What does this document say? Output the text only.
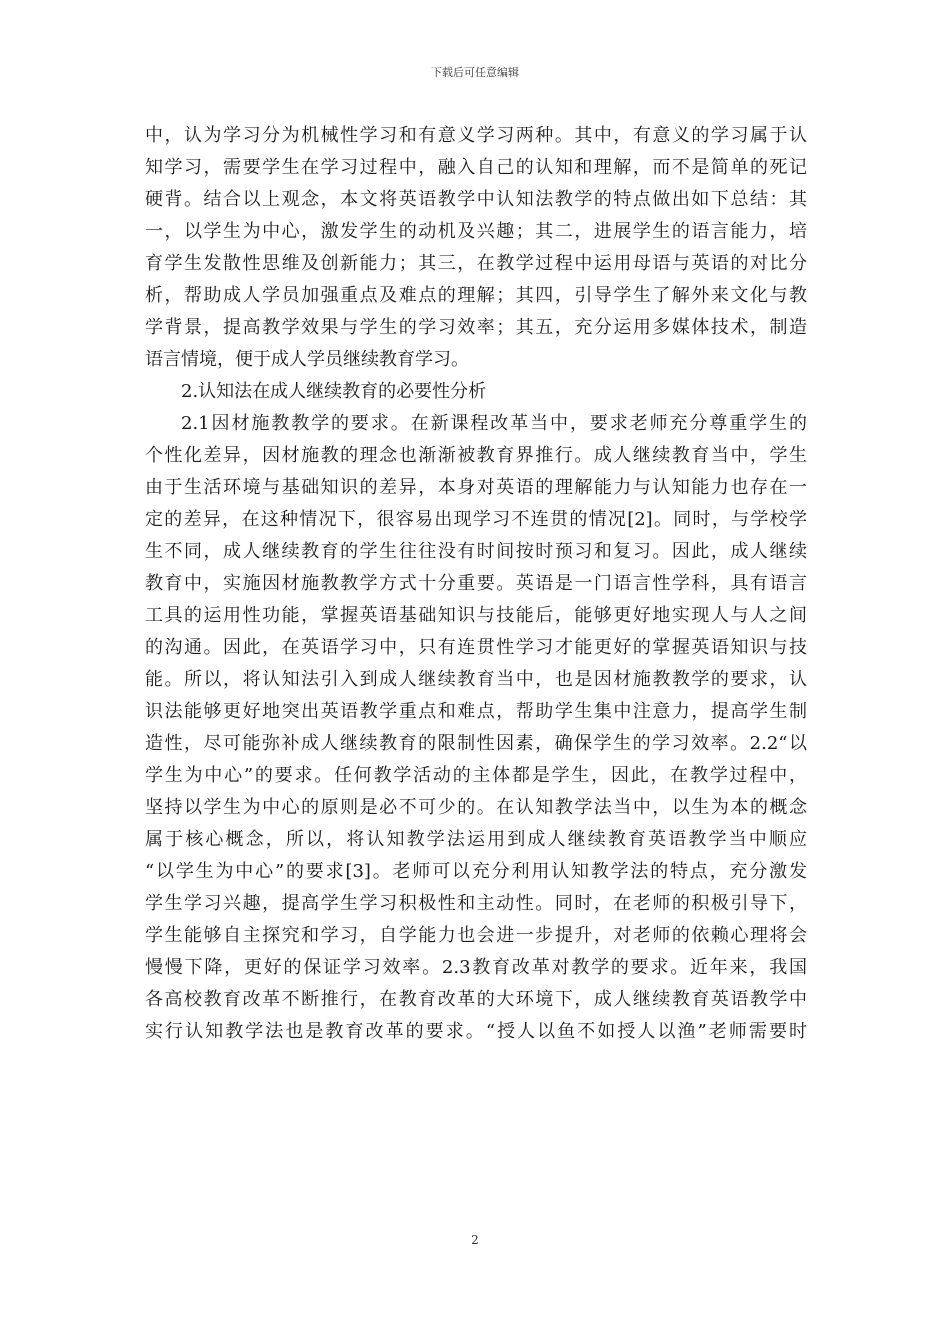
下载后可任意编辑
中，认为学习分为机械性学习和有意义学习两种。其中，有意义的学习属于认
知学习，需要学生在学习过程中，融入自己的认知和理解，而不是简单的死记
硬背。结合以上观念，本文将英语教学中认知法教学的特点做出如下总结：其
一，以学生为中心，激发学生的动机及兴趣；其二，进展学生的语言能力，培
育学生发散性思维及创新能力；其三，在教学过程中运用母语与英语的对比分
析，帮助成人学员加强重点及难点的理解；其四，引导学生了解外来文化与教
学背景，提高教学效果与学生的学习效率；其五，充分运用多媒体技术，制造
语言情境，便于成人学员继续教育学习。
2.认知法在成人继续教育的必要性分析
2.1因材施教教学的要求。在新课程改革当中，要求老师充分尊重学生的
个性化差异，因材施教的理念也渐渐被教育界推行。成人继续教育当中，学生
由于生活环境与基础知识的差异，本身对英语的理解能力与认知能力也存在一
定的差异，在这种情况下，很容易出现学习不连贯的情况[2]。同时，与学校学
生不同，成人继续教育的学生往往没有时间按时预习和复习。因此，成人继续
教育中，实施因材施教教学方式十分重要。英语是一门语言性学科，具有语言
工具的运用性功能，掌握英语基础知识与技能后，能够更好地实现人与人之间
的沟通。因此，在英语学习中，只有连贯性学习才能更好的掌握英语知识与技
能。所以，将认知法引入到成人继续教育当中，也是因材施教教学的要求，认
识法能够更好地突出英语教学重点和难点，帮助学生集中注意力，提高学生制
造性，尽可能弥补成人继续教育的限制性因素，确保学生的学习效率。2.2“以
学生为中心”的要求。任何教学活动的主体都是学生，因此，在教学过程中，
坚持以学生为中心的原则是必不可少的。在认知教学法当中，以生为本的概念
属于核心概念，所以，将认知教学法运用到成人继续教育英语教学当中顺应
“以学生为中心”的要求[3]。老师可以充分利用认知教学法的特点，充分激发
学生学习兴趣，提高学生学习积极性和主动性。同时，在老师的积极引导下，
学生能够自主探究和学习，自学能力也会进一步提升，对老师的依赖心理将会
慢慢下降，更好的保证学习效率。2.3教育改革对教学的要求。近年来，我国
各高校教育改革不断推行，在教育改革的大环境下，成人继续教育英语教学中
实行认知教学法也是教育改革的要求。“授人以鱼不如授人以渔”老师需要时
2
